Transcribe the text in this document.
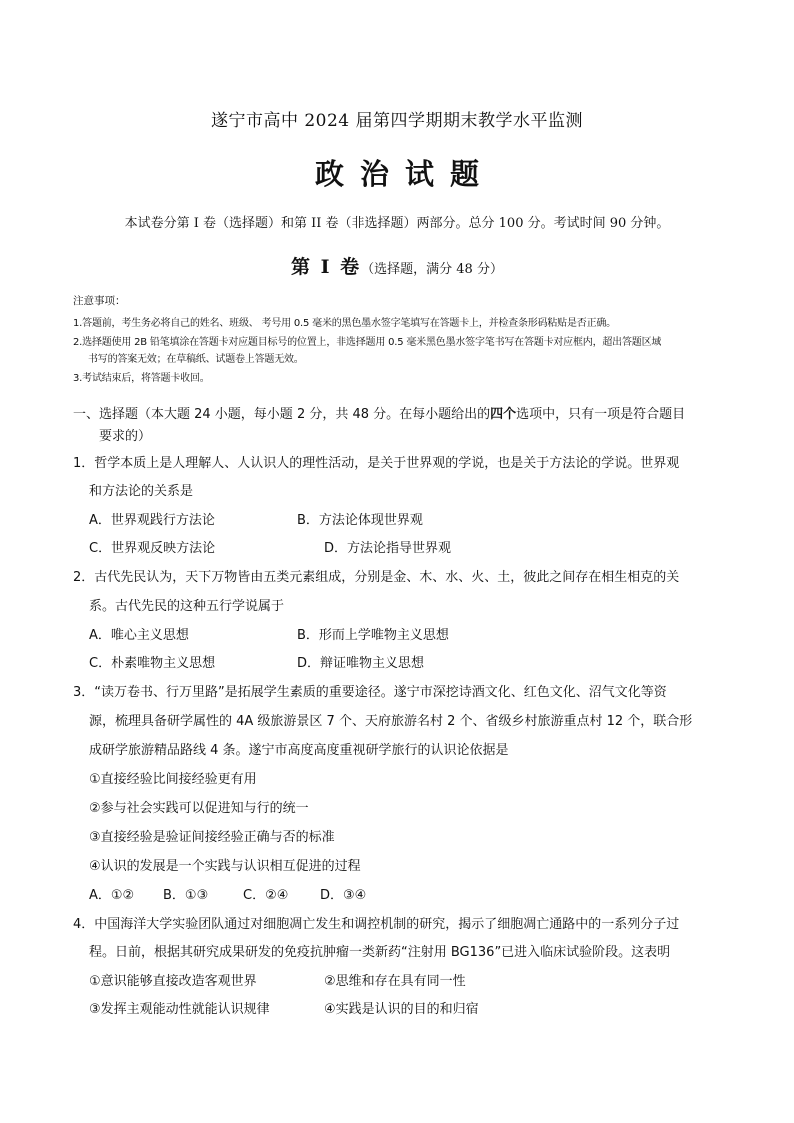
遂宁市高中 2024 届第四学期期末教学水平监测
政治试题
本试卷分第 I 卷（选择题）和第 II 卷（非选择题）两部分。总分 100 分。考试时间 90 分钟。
第 Ⅰ 卷（选择题，满分 48 分）
注意事项：
1.答题前，考生务必将自己的姓名、班级、 考号用 0.5 毫米的黑色墨水签字笔填写在答题卡上，并检查条形码粘贴是否正确。
2.选择题使用 2B 铅笔填涂在答题卡对应题目标号的位置上，非选择题用 0.5 毫米黑色墨水签字笔书写在答题卡对应框内，超出答题区域
书写的答案无效；在草稿纸、试题卷上答题无效。
3.考试结束后，将答题卡收回。
一、选择题（本大题 24 小题，每小题 2 分，共 48 分。在每小题给出的四个选项中，只有一项是符合题目
要求的）
1．哲学本质上是人理解人、人认识人的理性活动，是关于世界观的学说，也是关于方法论的学说。世界观
和方法论的关系是
A．世界观践行方法论	B．方法论体现世界观
C．世界观反映方法论	D．方法论指导世界观
2．古代先民认为，天下万物皆由五类元素组成，分别是金、木、水、火、土，彼此之间存在相生相克的关
系。古代先民的这种五行学说属于
A．唯心主义思想	B．形而上学唯物主义思想
C．朴素唯物主义思想	D．辩证唯物主义思想
3．“读万卷书、行万里路”是拓展学生素质的重要途径。遂宁市深挖诗酒文化、红色文化、沼气文化等资
源，梳理具备研学属性的 4A 级旅游景区 7 个、天府旅游名村 2 个、省级乡村旅游重点村 12 个，联合形
成研学旅游精品路线 4 条。遂宁市高度高度重视研学旅行的认识论依据是
①直接经验比间接经验更有用
②参与社会实践可以促进知与行的统一
③直接经验是验证间接经验正确与否的标准
④认识的发展是一个实践与认识相互促进的过程
A．①② B．①③	C．②④ D．③④
4．中国海洋大学实验团队通过对细胞凋亡发生和调控机制的研究，揭示了细胞凋亡通路中的一系列分子过
程。日前，根据其研究成果研发的免疫抗肿瘤一类新药“注射用 BG136”已进入临床试验阶段。这表明
①意识能够直接改造客观世界	②思维和存在具有同一性
③发挥主观能动性就能认识规律	④实践是认识的目的和归宿
